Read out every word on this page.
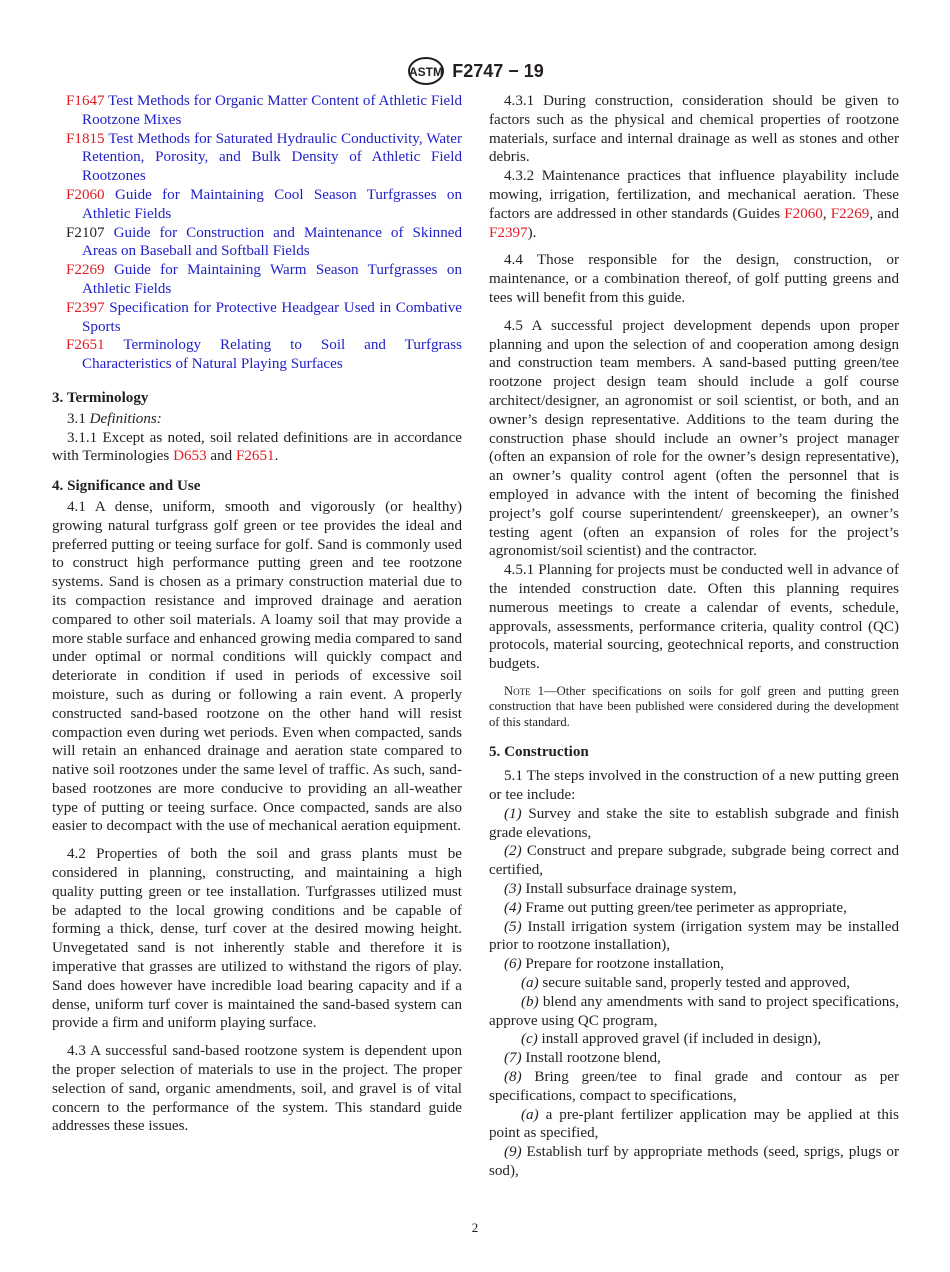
ASTM F2747 − 19

F1647 Test Methods for Organic Matter Content of Athletic Field Rootzone Mixes

F1815 Test Methods for Saturated Hydraulic Conductivity, Water Retention, Porosity, and Bulk Density of Athletic Field Rootzones

F2060 Guide for Maintaining Cool Season Turfgrasses on Athletic Fields

F2107 Guide for Construction and Maintenance of Skinned Areas on Baseball and Softball Fields

F2269 Guide for Maintaining Warm Season Turfgrasses on Athletic Fields

F2397 Specification for Protective Headgear Used in Combative Sports

F2651 Terminology Relating to Soil and Turfgrass Characteristics of Natural Playing Surfaces

3. Terminology

3.1 Definitions:

3.1.1 Except as noted, soil related definitions are in accordance with Terminologies D653 and F2651.

4. Significance and Use

4.1 A dense, uniform, smooth and vigorously (or healthy) growing natural turfgrass golf green or tee provides the ideal and preferred putting or teeing surface for golf. Sand is commonly used to construct high performance putting green and tee rootzone systems. Sand is chosen as a primary construction material due to its compaction resistance and improved drainage and aeration compared to other soil materials. A loamy soil that may provide a more stable surface and enhanced growing media compared to sand under optimal or normal conditions will quickly compact and deteriorate in condition if used in periods of excessive soil moisture, such as during or following a rain event. A properly constructed sand-based rootzone on the other hand will resist compaction even during wet periods. Even when compacted, sands will retain an enhanced drainage and aeration state compared to native soil rootzones under the same level of traffic. As such, sand-based rootzones are more conducive to providing an all-weather type of putting or teeing surface. Once compacted, sands are also easier to decompact with the use of mechanical aeration equipment.

4.2 Properties of both the soil and grass plants must be considered in planning, constructing, and maintaining a high quality putting green or tee installation. Turfgrasses utilized must be adapted to the local growing conditions and be capable of forming a thick, dense, turf cover at the desired mowing height. Unvegetated sand is not inherently stable and therefore it is imperative that grasses are utilized to withstand the rigors of play. Sand does however have incredible load bearing capacity and if a dense, uniform turf cover is maintained the sand-based system can provide a firm and uniform playing surface.

4.3 A successful sand-based rootzone system is dependent upon the proper selection of materials to use in the project. The proper selection of sand, organic amendments, soil, and gravel is of vital concern to the performance of the system. This standard guide addresses these issues.

4.3.1 During construction, consideration should be given to factors such as the physical and chemical properties of rootzone materials, surface and internal drainage as well as stones and other debris.

4.3.2 Maintenance practices that influence playability include mowing, irrigation, fertilization, and mechanical aeration. These factors are addressed in other standards (Guides F2060, F2269, and F2397).

4.4 Those responsible for the design, construction, or maintenance, or a combination thereof, of golf putting greens and tees will benefit from this guide.

4.5 A successful project development depends upon proper planning and upon the selection of and cooperation among design and construction team members. A sand-based putting green/tee rootzone project design team should include a golf course architect/designer, an agronomist or soil scientist, or both, and an owner’s design representative. Additions to the team during the construction phase should include an owner’s project manager (often an expansion of role for the owner’s design representative), an owner’s quality control agent (often the personnel that is employed in advance with the intent of becoming the finished project’s golf course superintendent/ greenskeeper), an owner’s testing agent (often an expansion of roles for the project’s agronomist/soil scientist) and the contractor.

4.5.1 Planning for projects must be conducted well in advance of the intended construction date. Often this planning requires numerous meetings to create a calendar of events, schedule, approvals, assessments, performance criteria, quality control (QC) protocols, material sourcing, geotechnical reports, and construction budgets.

Note 1—Other specifications on soils for golf green and putting green construction that have been published were considered during the development of this standard.

5. Construction

5.1 The steps involved in the construction of a new putting green or tee include:

(1) Survey and stake the site to establish subgrade and finish grade elevations,

(2) Construct and prepare subgrade, subgrade being correct and certified,

(3) Install subsurface drainage system,

(4) Frame out putting green/tee perimeter as appropriate,

(5) Install irrigation system (irrigation system may be installed prior to rootzone installation),

(6) Prepare for rootzone installation,

(a) secure suitable sand, properly tested and approved,

(b) blend any amendments with sand to project specifications, approve using QC program,

(c) install approved gravel (if included in design),

(7) Install rootzone blend,

(8) Bring green/tee to final grade and contour as per specifications, compact to specifications,

(a) a pre-plant fertilizer application may be applied at this point as specified,

(9) Establish turf by appropriate methods (seed, sprigs, plugs or sod),

2
